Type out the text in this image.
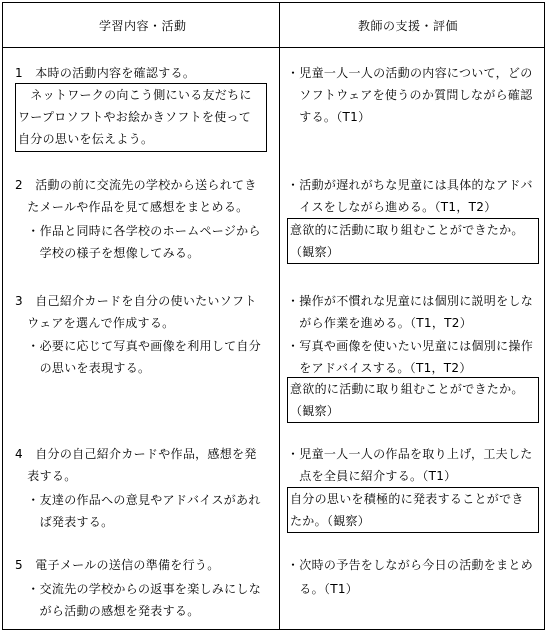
学習内容・活動	教師の支援・評価
1　本時の活動内容を確認する。
　ネットワークの向こう側にいる友だちに
ワープロソフトやお絵かきソフトを使って
自分の思いを伝えよう。
2　活動の前に交流先の学校から送られてき
　たメールや作品を見て感想をまとめる。
　・作品と同時に各学校のホームページから
　　学校の様子を想像してみる。
3　自己紹介カードを自分の使いたいソフト
　ウェアを選んで作成する。
　・必要に応じて写真や画像を利用して自分
　　の思いを表現する。
4　自分の自己紹介カードや作品，感想を発
　表する。
　・友達の作品への意見やアドバイスがあれ
　　ば発表する。
5　電子メールの送信の準備を行う。
　・交流先の学校からの返事を楽しみにしな
　　がら活動の感想を発表する。
・児童一人一人の活動の内容について，どの
　ソフトウェアを使うのか質問しながら確認
　する。（T1）
・活動が遅れがちな児童には具体的なアドバ
　イスをしながら進める。（T1，T2）
意欲的に活動に取り組むことができたか。
（観察）
・操作が不慣れな児童には個別に説明をしな
　がら作業を進める。（T1，T2）
・写真や画像を使いたい児童には個別に操作
　をアドバイスする。（T1，T2）
意欲的に活動に取り組むことができたか。
（観察）
・児童一人一人の作品を取り上げ，工夫した
　点を全員に紹介する。（T1）
自分の思いを積極的に発表することができ
たか。（観察）
・次時の予告をしながら今日の活動をまとめ
　る。（T1）
